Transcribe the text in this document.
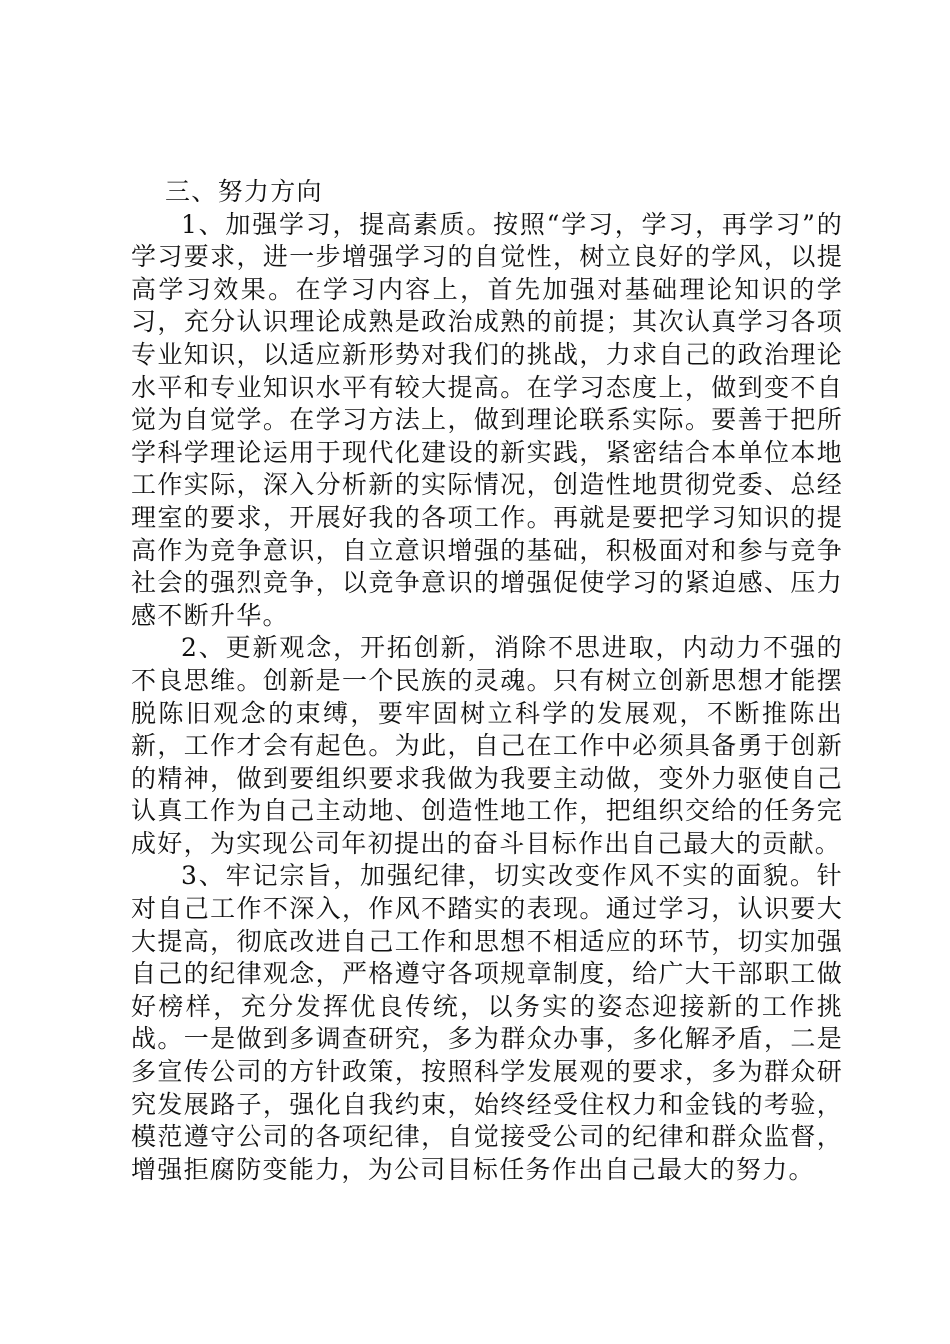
三、努力方向

1、加强学习，提高素质。按照“学习，学习，再学习”的学习要求，进一步增强学习的自觉性，树立良好的学风，以提高学习效果。在学习内容上，首先加强对基础理论知识的学习，充分认识理论成熟是政治成熟的前提；其次认真学习各项专业知识，以适应新形势对我们的挑战，力求自己的政治理论水平和专业知识水平有较大提高。在学习态度上，做到变不自觉为自觉学。在学习方法上，做到理论联系实际。要善于把所学科学理论运用于现代化建设的新实践，紧密结合本单位本地工作实际，深入分析新的实际情况，创造性地贯彻党委、总经理室的要求，开展好我的各项工作。再就是要把学习知识的提高作为竞争意识，自立意识增强的基础，积极面对和参与竞争社会的强烈竞争，以竞争意识的增强促使学习的紧迫感、压力感不断升华。

2、更新观念，开拓创新，消除不思进取，内动力不强的不良思维。创新是一个民族的灵魂。只有树立创新思想才能摆脱陈旧观念的束缚，要牢固树立科学的发展观，不断推陈出新，工作才会有起色。为此，自己在工作中必须具备勇于创新的精神，做到要组织要求我做为我要主动做，变外力驱使自己认真工作为自己主动地、创造性地工作，把组织交给的任务完成好，为实现公司年初提出的奋斗目标作出自己最大的贡献。

3、牢记宗旨，加强纪律，切实改变作风不实的面貌。针对自己工作不深入，作风不踏实的表现。通过学习，认识要大大提高，彻底改进自己工作和思想不相适应的环节，切实加强自己的纪律观念，严格遵守各项规章制度，给广大干部职工做好榜样，充分发挥优良传统，以务实的姿态迎接新的工作挑战。一是做到多调查研究，多为群众办事，多化解矛盾，二是多宣传公司的方针政策，按照科学发展观的要求，多为群众研究发展路子，强化自我约束，始终经受住权力和金钱的考验，模范遵守公司的各项纪律，自觉接受公司的纪律和群众监督，增强拒腐防变能力，为公司目标任务作出自己最大的努力。
